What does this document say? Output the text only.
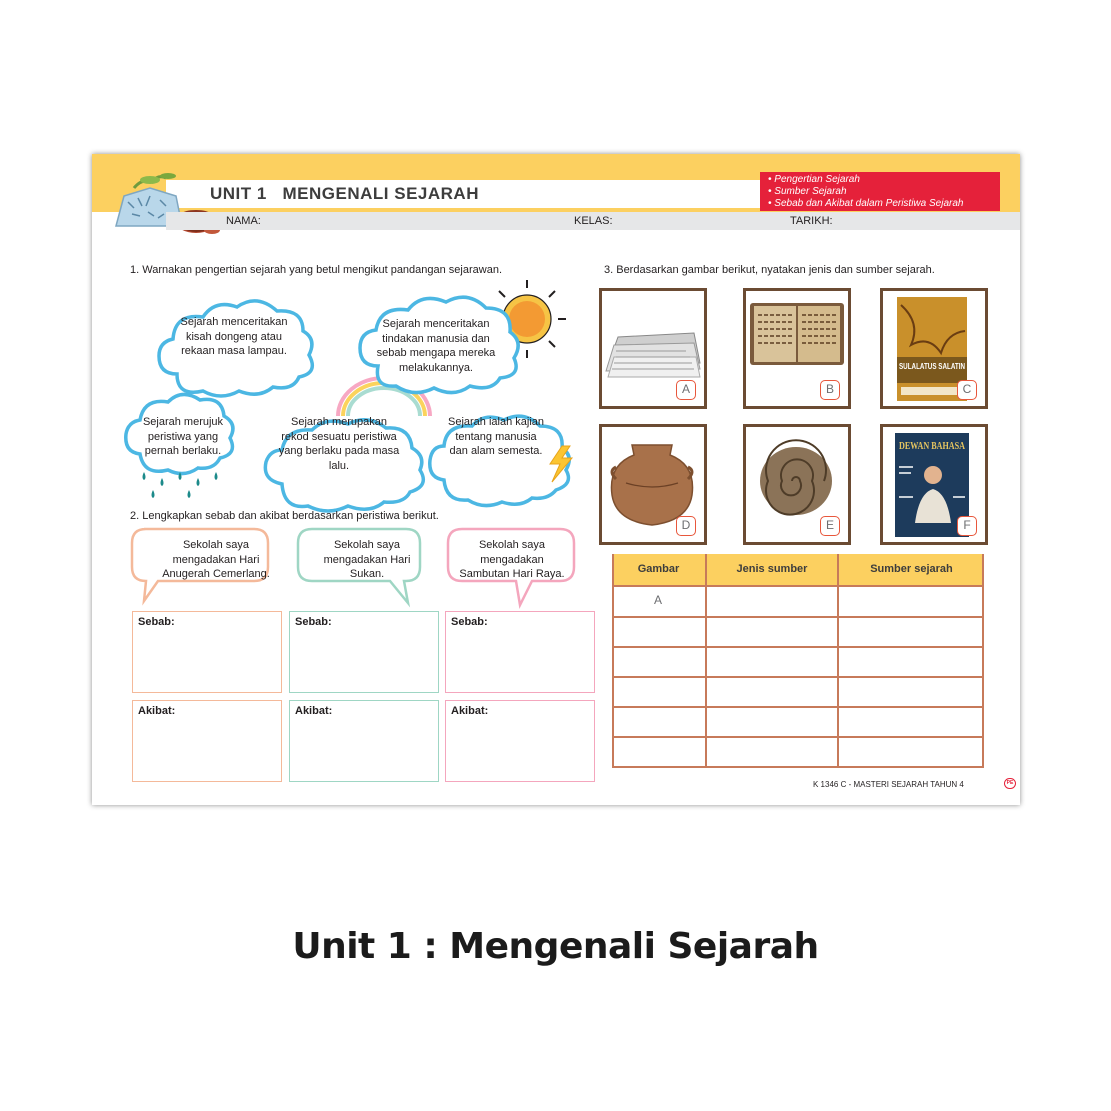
UNIT 1   MENGENALI SEJARAH
• Pengertian Sejarah
• Sumber Sejarah
• Sebab dan Akibat dalam Peristiwa Sejarah
NAMA:	KELAS:	TARIKH:
1. Warnakan pengertian sejarah yang betul mengikut pandangan sejarawan.
Sejarah menceritakan kisah dongeng atau rekaan masa lampau.
Sejarah menceritakan tindakan manusia dan sebab mengapa mereka melakukannya.
Sejarah merujuk peristiwa yang pernah berlaku.
Sejarah merupakan rekod sesuatu peristiwa yang berlaku pada masa lalu.
Sejarah ialah kajian tentang manusia dan alam semesta.
2. Lengkapkan sebab dan akibat berdasarkan peristiwa berikut.
Sekolah saya mengadakan Hari Anugerah Cemerlang.
Sekolah saya mengadakan Hari Sukan.
Sekolah saya mengadakan Sambutan Hari Raya.
Sebab:	Sebab:	Sebab:
Akibat:	Akibat:	Akibat:
3. Berdasarkan gambar berikut, nyatakan jenis dan sumber sejarah.
A	B
SULALATUS SALATIN
C
D	E
DEWAN BAHASA
F
Gambar	Jenis sumber	Sumber sejarah
A
K 1346 C - MASTERI SEJARAH TAHUN 4	PE
Unit 1 : Mengenali Sejarah
